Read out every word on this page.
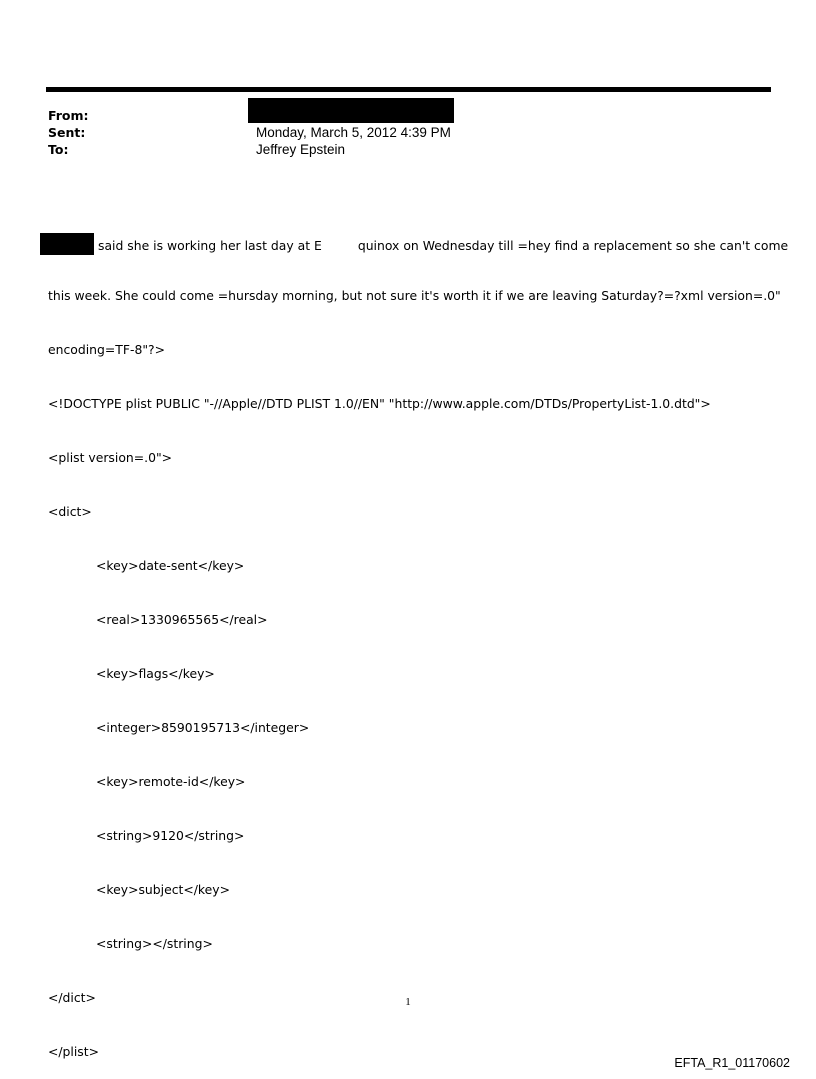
From:
Sent:	Monday, March 5, 2012 4:39 PM
To:	Jeffrey Epstein

said she is working her last day at E	quinox on Wednesday till =hey find a replacement so she can't come

this week. She could come =hursday morning, but not sure it's worth it if we are leaving Saturday?=?xml version=.0"

encoding=TF-8"?>

<!DOCTYPE plist PUBLIC "-//Apple//DTD PLIST 1.0//EN" "http://www.apple.com/DTDs/PropertyList-1.0.dtd">

<plist version=.0">

<dict>

<key>date-sent</key>

<real>1330965565</real>

<key>flags</key>

<integer>8590195713</integer>

<key>remote-id</key>

<string>9120</string>

<key>subject</key>

<string></string>

</dict>

</plist>

1
EFTA_R1_01170602
